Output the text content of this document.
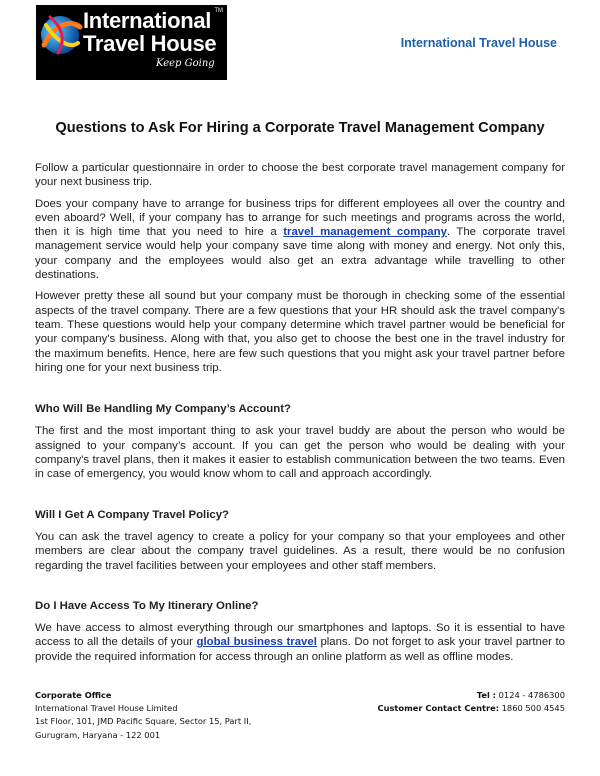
International
Travel House
TM
Keep Going
International Travel House
Questions to Ask For Hiring a Corporate Travel Management Company

Follow a particular questionnaire in order to choose the best corporate travel management company for your next business trip.

Does your company have to arrange for business trips for different employees all over the country and even aboard? Well, if your company has to arrange for such meetings and programs across the world, then it is high time that you need to hire a travel management company. The corporate travel management service would help your company save time along with money and energy. Not only this, your company and the employees would also get an extra advantage while travelling to other destinations.

However pretty these all sound but your company must be thorough in checking some of the essential aspects of the travel company. There are a few questions that your HR should ask the travel company's team. These questions would help your company determine which travel partner would be beneficial for your company's business. Along with that, you also get to choose the best one in the travel industry for the maximum benefits. Hence, here are few such questions that you might ask your travel partner before hiring one for your next business trip.

Who Will Be Handling My Company’s Account?

The first and the most important thing to ask your travel buddy are about the person who would be assigned to your company’s account. If you can get the person who would be dealing with your company's travel plans, then it makes it easier to establish communication between the two teams. Even in case of emergency, you would know whom to call and approach accordingly.

Will I Get A Company Travel Policy?

You can ask the travel agency to create a policy for your company so that your employees and other members are clear about the company travel guidelines. As a result, there would be no confusion regarding the travel facilities between your employees and other staff members.

Do I Have Access To My Itinerary Online?

We have access to almost everything through our smartphones and laptops. So it is essential to have access to all the details of your global business travel plans. Do not forget to ask your travel partner to provide the required information for access through an online platform as well as offline modes.

Corporate Office
International Travel House Limited
1st Floor, 101, JMD Pacific Square, Sector 15, Part II,
Gurugram, Haryana - 122 001
Tel : 0124 - 4786300
Customer Contact Centre: 1860 500 4545
